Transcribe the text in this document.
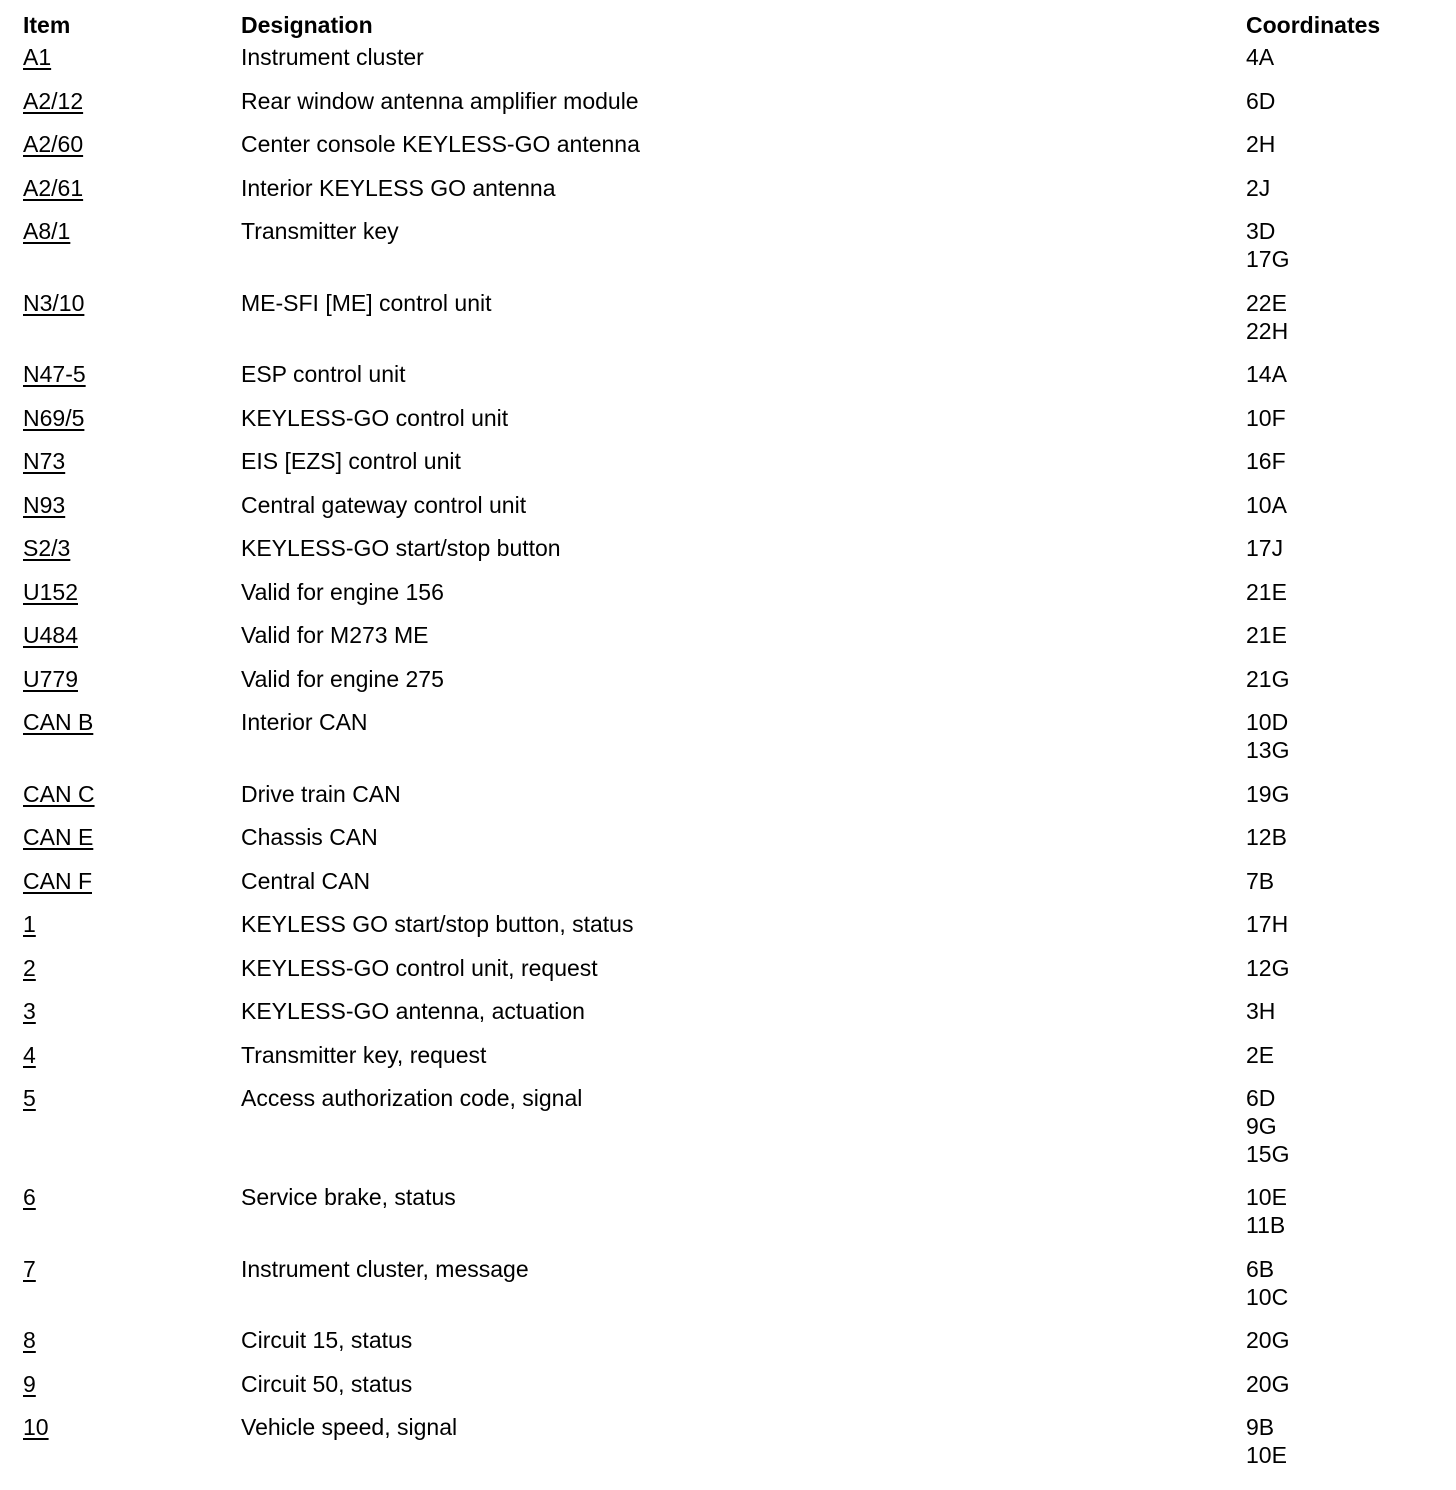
Item	Designation	Coordinates
A1	Instrument cluster	4A
A2/12	Rear window antenna amplifier module	6D
A2/60	Center console KEYLESS-GO antenna	2H
A2/61	Interior KEYLESS GO antenna	2J
A8/1	Transmitter key	3D
17G
N3/10	ME-SFI [ME] control unit	22E
22H
N47-5	ESP control unit	14A
N69/5	KEYLESS-GO control unit	10F
N73	EIS [EZS] control unit	16F
N93	Central gateway control unit	10A
S2/3	KEYLESS-GO start/stop button	17J
U152	Valid for engine 156	21E
U484	Valid for M273 ME	21E
U779	Valid for engine 275	21G
CAN B	Interior CAN	10D
13G
CAN C	Drive train CAN	19G
CAN E	Chassis CAN	12B
CAN F	Central CAN	7B
1	KEYLESS GO start/stop button, status	17H
2	KEYLESS-GO control unit, request	12G
3	KEYLESS-GO antenna, actuation	3H
4	Transmitter key, request	2E
5	Access authorization code, signal	6D
9G
15G
6	Service brake, status	10E
11B
7	Instrument cluster, message	6B
10C
8	Circuit 15, status	20G
9	Circuit 50, status	20G
10	Vehicle speed, signal	9B
10E
